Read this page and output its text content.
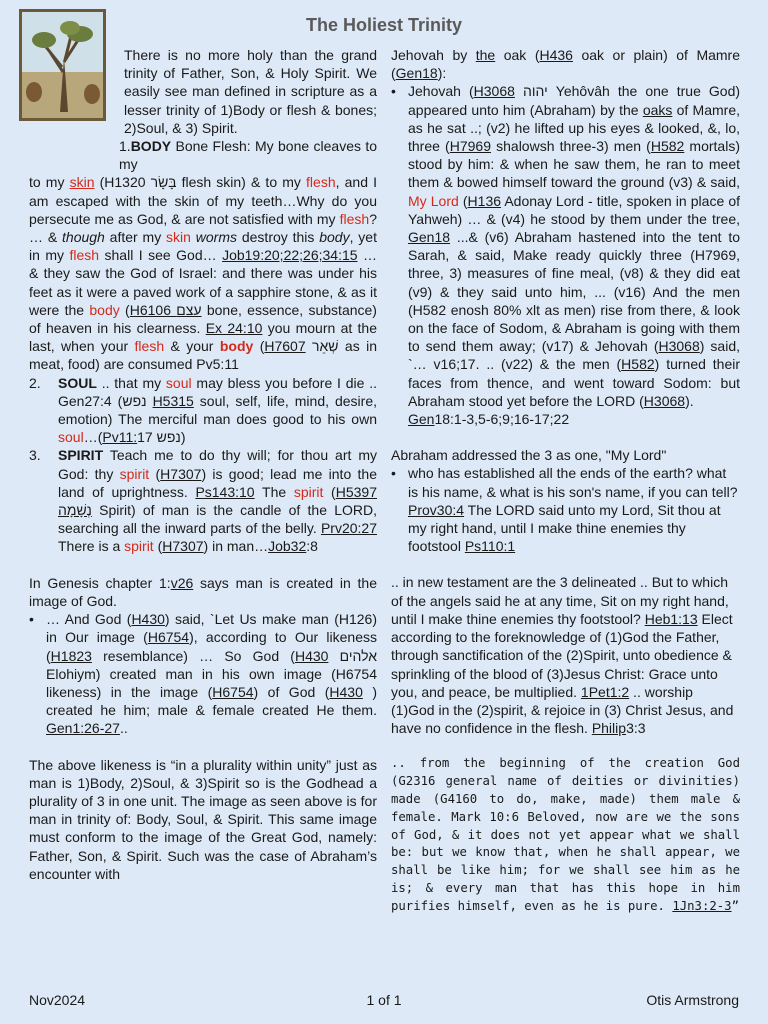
The Holiest Trinity

There is no more holy than the grand trinity of Father, Son, & Holy Spirit. We easily see man defined in scripture as a lesser trinity of 1)Body or flesh & bones; 2)Soul, & 3) Spirit.

1.BODY Bone Flesh: My bone cleaves to my

to my skin (H1320 בָּשָׂר flesh skin) & to my flesh, and I am escaped with the skin of my teeth…Why do you persecute me as God, & are not satisfied with my flesh? … & though after my skin worms destroy this body, yet in my flesh shall I see God… Job19:20;22;26;34:15 … & they saw the God of Israel: and there was under his feet as it were a paved work of a sapphire stone, & as it were the body (H6106 עצם bone, essence, substance) of heaven in his clearness. Ex 24:10 you mourn at the last, when your flesh & your body (H7607 שְׁאֵר as in meat, food) are consumed Pv5:11

2. SOUL .. that my soul may bless you before I die .. Gen27:4 (נפש H5315 soul, self, life, mind, desire, emotion) The merciful man does good to his own soul…(Pv11:17 נפש)

3. SPIRIT Teach me to do thy will; for thou art my God: thy spirit (H7307) is good; lead me into the land of uprightness. Ps143:10 The spirit (H5397 נְשָׁמָה Spirit) of man is the candle of the LORD, searching all the inward parts of the belly. Prv20:27 There is a spirit (H7307) in man…Job32:8

In Genesis chapter 1:v26 says man is created in the image of God.

• … And God (H430) said, `Let Us make man (H126) in Our image (H6754), according to Our likeness (H1823 resemblance) … So God (H430 אלהים Elohiym) created man in his own image (H6754 likeness) in the image (H6754) of God (H430 ) created he him; male & female created He them. Gen1:26-27..

The above likeness is “in a plurality within unity” just as man is 1)Body, 2)Soul, & 3)Spirit so is the Godhead a plurality of 3 in one unit. The image as seen above is for man in trinity of: Body, Soul, & Spirit. This same image must conform to the image of the Great God, namely: Father, Son, & Spirit. Such was the case of Abraham’s encounter with

Jehovah by the oak (H436 oak or plain) of Mamre (Gen18):

• Jehovah (H3068 יהוה Yehôvâh the one true God) appeared unto him (Abraham) by the oaks of Mamre, as he sat ..; (v2) he lifted up his eyes & looked, &, lo, three (H7969 shalowsh three-3) men (H582 mortals) stood by him: & when he saw them, he ran to meet them & bowed himself toward the ground (v3) & said, My Lord (H136 Adonay Lord - title, spoken in place of Yahweh) … & (v4) he stood by them under the tree, Gen18 ...& (v6) Abraham hastened into the tent to Sarah, & said, Make ready quickly three (H7969, three, 3) measures of fine meal, (v8) & they did eat (v9) & they said unto him, ... (v16) And the men (H582 enosh 80% xlt as men) rise from there, & look on the face of Sodom, & Abraham is going with them to send them away; (v17) & Jehovah (H3068) said, `… v16;17. .. (v22) & the men (H582) turned their faces from thence, and went toward Sodom: but Abraham stood yet before the LORD (H3068).
Gen18:1-3,5-6;9;16-17;22

Abraham addressed the 3 as one, "My Lord"

• who has established all the ends of the earth? what is his name, & what is his son's name, if you can tell? Prov30:4 The LORD said unto my Lord, Sit thou at my right hand, until I make thine enemies thy footstool Ps110:1

.. in new testament are the 3 delineated .. But to which of the angels said he at any time, Sit on my right hand, until I make thine enemies thy footstool? Heb1:13 Elect according to the foreknowledge of (1)God the Father, through sanctification of the (2)Spirit, unto obedience & sprinkling of the blood of (3)Jesus Christ: Grace unto you, and peace, be multiplied. 1Pet1:2 .. worship (1)God in the (2)spirit, & rejoice in (3) Christ Jesus, and have no confidence in the flesh. Philip3:3

.. from the beginning of the creation God (G2316 general name of deities or divinities) made (G4160 to do, make, made) them male & female. Mark 10:6 Beloved, now are we the sons of God, & it does not yet appear what we shall be: but we know that, when he shall appear, we shall be like him; for we shall see him as he is; & every man that has this hope in him purifies himself, even as he is pure. 1Jn3:2-3”

Nov2024	1 of 1	Otis Armstrong
